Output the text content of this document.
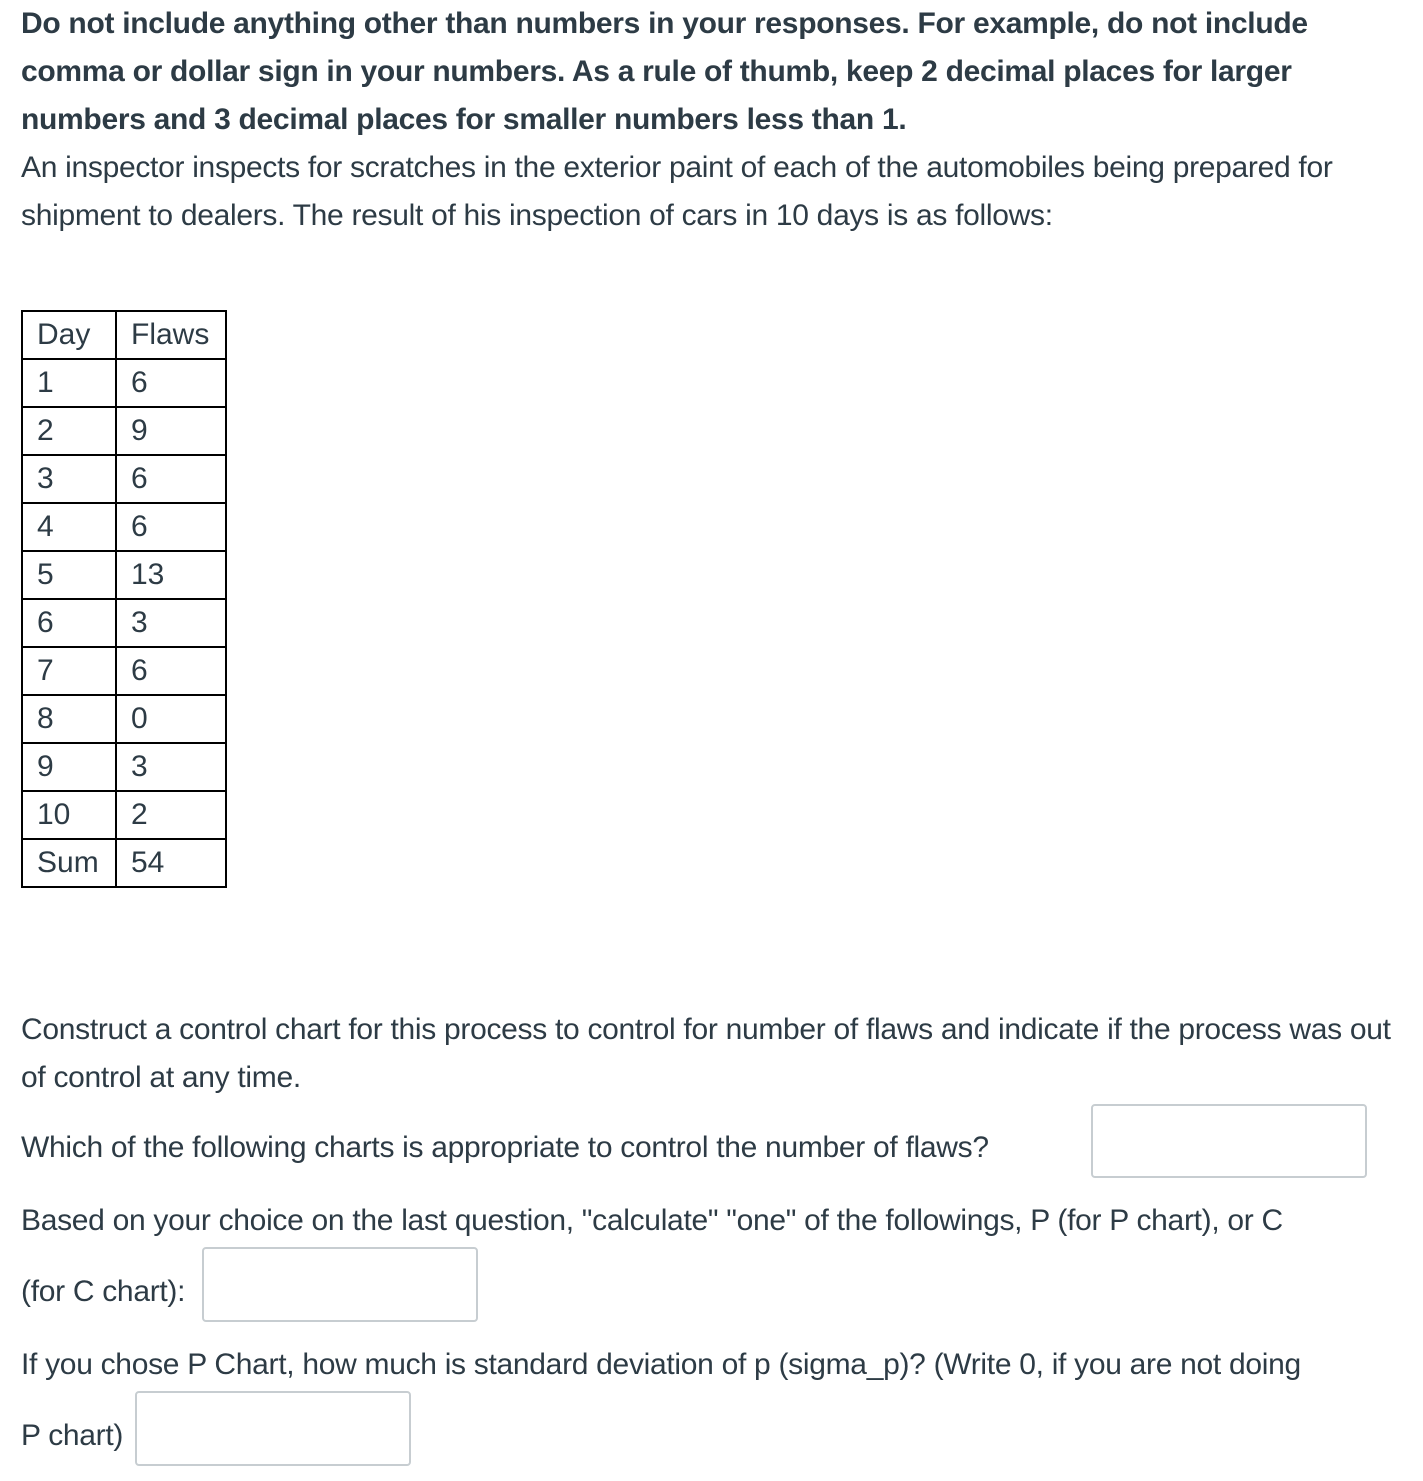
Do not include anything other than numbers in your responses. For example, do not include comma or dollar sign in your numbers. As a rule of thumb, keep 2 decimal places for larger numbers and 3 decimal places for smaller numbers less than 1.

An inspector inspects for scratches in the exterior paint of each of the automobiles being prepared for shipment to dealers. The result of his inspection of cars in 10 days is as follows:

Day	Flaws
1	6
2	9
3	6
4	6
5	13
6	3
7	6
8	0
9	3
10	2
Sum	54
Construct a control chart for this process to control for number of flaws and indicate if the process was out of control at any time.
Which of the following charts is appropriate to control the number of flaws?
Based on your choice on the last question, "calculate" "one" of the followings, P (for P chart), or C
(for C chart):
If you chose P Chart, how much is standard deviation of p (sigma_p)? (Write 0, if you are not doing
P chart)
